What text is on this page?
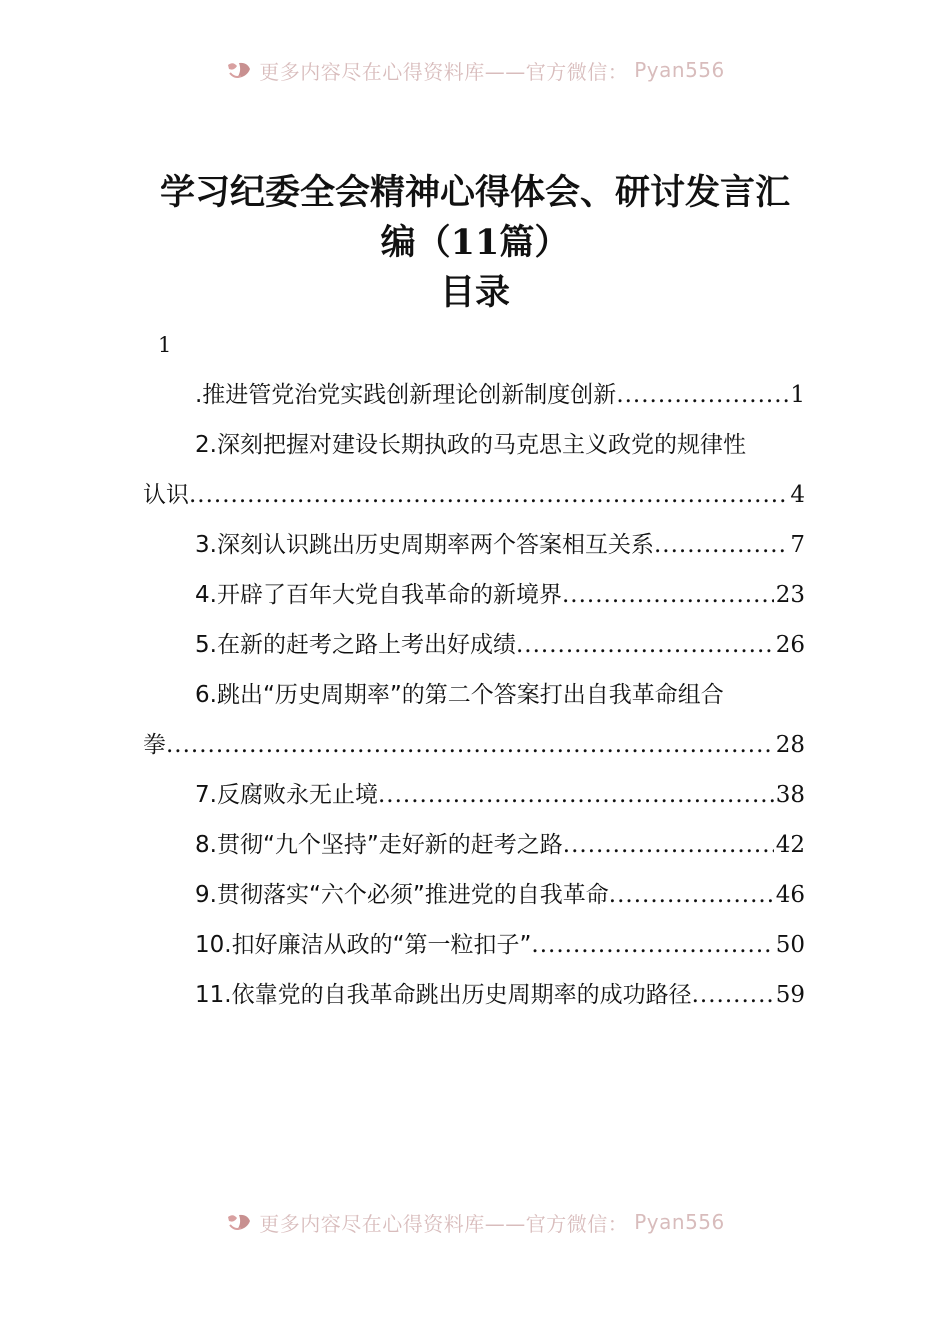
更多内容尽在心得资料库——官方微信： Pyan556
学习纪委全会精神心得体会、研讨发言汇
编（11篇）
目录
1
.推进管党治党实践创新理论创新制度创新 .....	1
2.深刻把握对建设长期执政的马克思主义政党的规律性
认识 .....	4
3.深刻认识跳出历史周期率两个答案相互关系 .....	7
4.开辟了百年大党自我革命的新境界 .....	23
5.在新的赶考之路上考出好成绩 .....	26
6.跳出“历史周期率”的第二个答案打出自我革命组合
拳 .....	28
7.反腐败永无止境 .....	38
8.贯彻“九个坚持”走好新的赶考之路 .....	42
9.贯彻落实“六个必须”推进党的自我革命 .....	46
10.扣好廉洁从政的“第一粒扣子” .....	50
11.依靠党的自我革命跳出历史周期率的成功路径 .....	59
更多内容尽在心得资料库——官方微信： Pyan556
